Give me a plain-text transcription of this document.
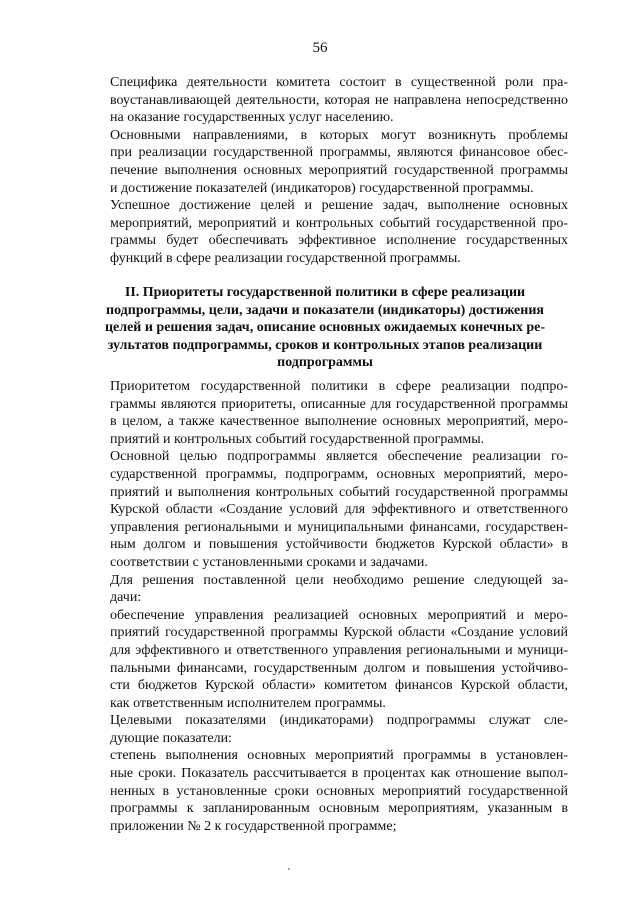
56

Специфика деятельности комитета состоит в существенной роли пра-
воустанавливающей деятельности, которая не направлена непосредственно
на оказание государственных услуг населению.

Основными направлениями, в которых могут возникнуть проблемы
при реализации государственной программы, являются финансовое обес-
печение выполнения основных мероприятий государственной программы
и достижение показателей (индикаторов) государственной программы.

Успешное достижение целей и решение задач, выполнение основных
мероприятий, мероприятий и контрольных событий государственной про-
граммы будет обеспечивать эффективное исполнение государственных
функций в сфере реализации государственной программы.

II. Приоритеты государственной политики в сфере реализации
подпрограммы, цели, задачи и показатели (индикаторы) достижения
целей и решения задач, описание основных ожидаемых конечных ре-
зультатов подпрограммы, сроков и контрольных этапов реализации
подпрограммы

Приоритетом государственной политики в сфере реализации подпро-
граммы являются приоритеты, описанные для государственной программы
в целом, а также качественное выполнение основных мероприятий, меро-
приятий и контрольных событий государственной программы.

Основной целью подпрограммы является обеспечение реализации го-
сударственной программы, подпрограмм, основных мероприятий, меро-
приятий и выполнения контрольных событий государственной программы
Курской области «Создание условий для эффективного и ответственного
управления региональными и муниципальными финансами, государствен-
ным долгом и повышения устойчивости бюджетов Курской области» в
соответствии с установленными сроками и задачами.

Для решения поставленной цели необходимо решение следующей за-
дачи:

обеспечение управления реализацией основных мероприятий и меро-
приятий государственной программы Курской области «Создание условий
для эффективного и ответственного управления региональными и муници-
пальными финансами, государственным долгом и повышения устойчиво-
сти бюджетов Курской области» комитетом финансов Курской области,
как ответственным исполнителем программы.

Целевыми показателями (индикаторами) подпрограммы служат сле-
дующие показатели:

степень выполнения основных мероприятий программы в установлен-
ные сроки. Показатель рассчитывается в процентах как отношение выпол-
ненных в установленные сроки основных мероприятий государственной
программы к запланированным основным мероприятиям, указанным в
приложении № 2 к государственной программе;
